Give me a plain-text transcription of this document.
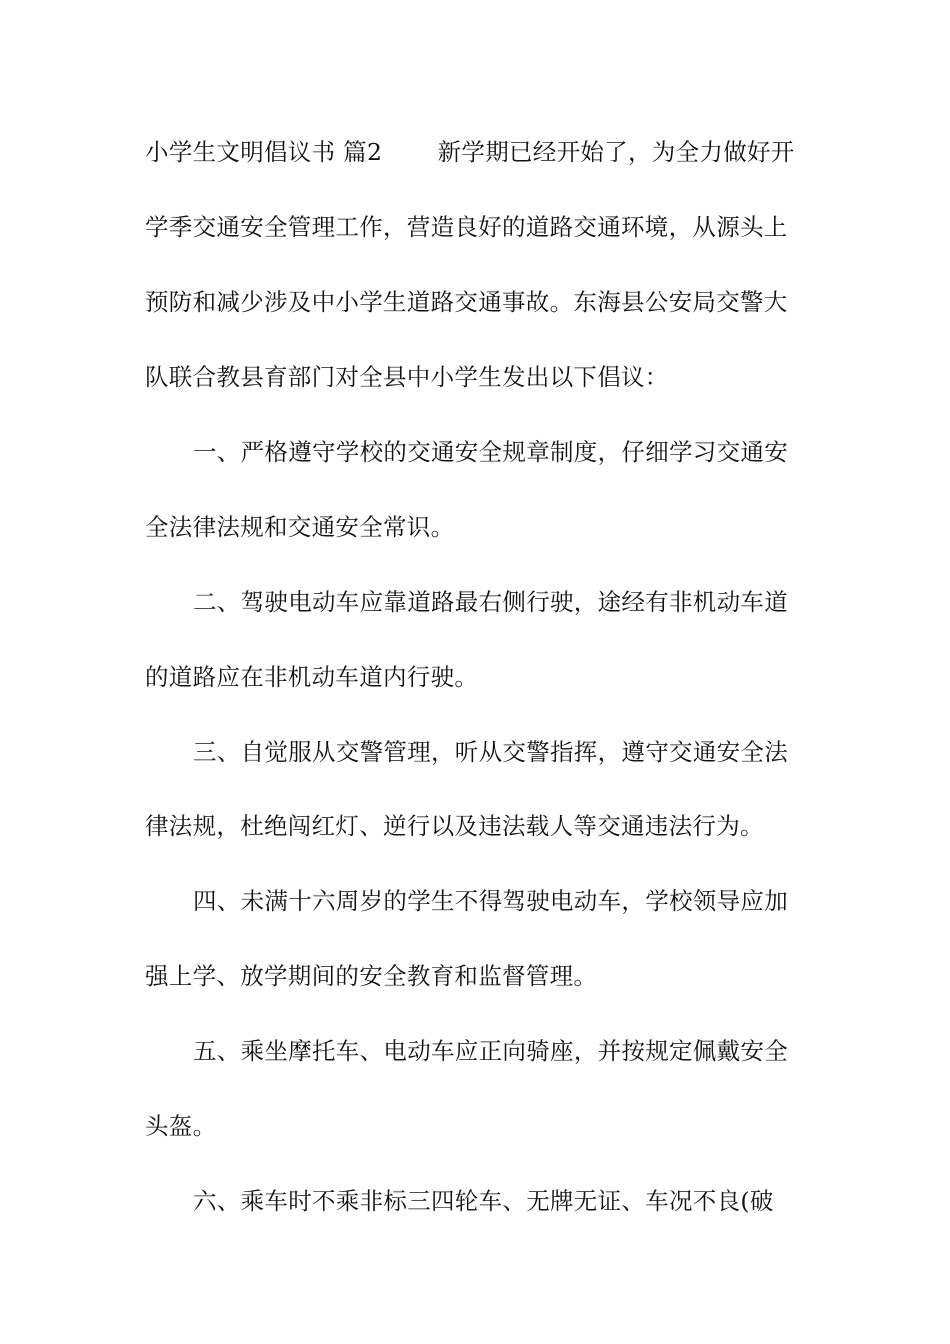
小学生文明倡议书 篇2 　　新学期已经开始了，为全力做好开
学季交通安全管理工作，营造良好的道路交通环境，从源头上
预防和减少涉及中小学生道路交通事故。东海县公安局交警大
队联合教县育部门对全县中小学生发出以下倡议：
一、严格遵守学校的交通安全规章制度，仔细学习交通安
全法律法规和交通安全常识。
二、驾驶电动车应靠道路最右侧行驶，途经有非机动车道
的道路应在非机动车道内行驶。
三、自觉服从交警管理，听从交警指挥，遵守交通安全法
律法规，杜绝闯红灯、逆行以及违法载人等交通违法行为。
四、未满十六周岁的学生不得驾驶电动车，学校领导应加
强上学、放学期间的安全教育和监督管理。
五、乘坐摩托车、电动车应正向骑座，并按规定佩戴安全
头盔。
六、乘车时不乘非标三四轮车、无牌无证、车况不良(破
